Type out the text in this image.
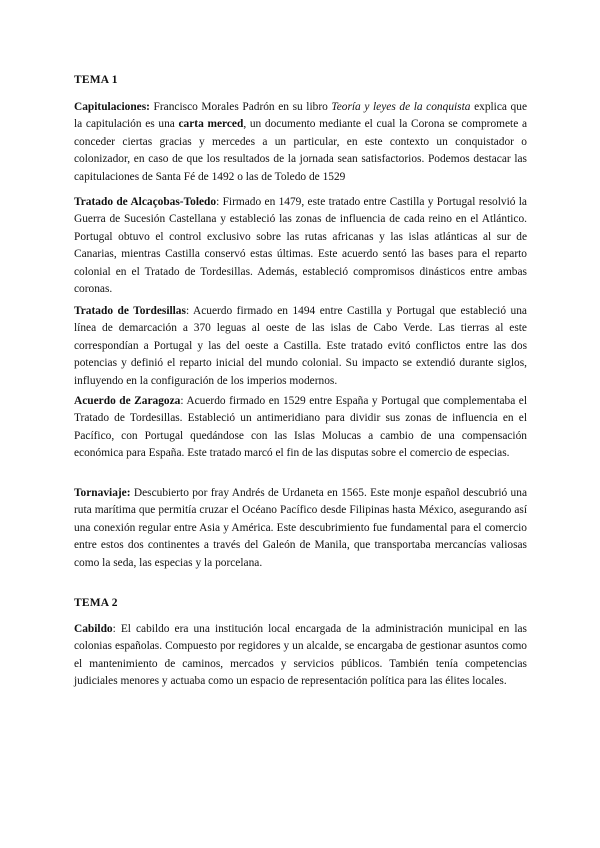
TEMA 1

Capitulaciones: Francisco Morales Padrón en su libro Teoría y leyes de la conquista explica que la capitulación es una carta merced, un documento mediante el cual la Corona se compromete a conceder ciertas gracias y mercedes a un particular, en este contexto un conquistador o colonizador, en caso de que los resultados de la jornada sean satisfactorios. Podemos destacar las capitulaciones de Santa Fé de 1492 o las de Toledo de 1529

Tratado de Alcaçobas-Toledo: Firmado en 1479, este tratado entre Castilla y Portugal resolvió la Guerra de Sucesión Castellana y estableció las zonas de influencia de cada reino en el Atlántico. Portugal obtuvo el control exclusivo sobre las rutas africanas y las islas atlánticas al sur de Canarias, mientras Castilla conservó estas últimas. Este acuerdo sentó las bases para el reparto colonial en el Tratado de Tordesillas. Además, estableció compromisos dinásticos entre ambas coronas.

Tratado de Tordesillas: Acuerdo firmado en 1494 entre Castilla y Portugal que estableció una línea de demarcación a 370 leguas al oeste de las islas de Cabo Verde. Las tierras al este correspondían a Portugal y las del oeste a Castilla. Este tratado evitó conflictos entre las dos potencias y definió el reparto inicial del mundo colonial. Su impacto se extendió durante siglos, influyendo en la configuración de los imperios modernos.

Acuerdo de Zaragoza: Acuerdo firmado en 1529 entre España y Portugal que complementaba el Tratado de Tordesillas. Estableció un antimeridiano para dividir sus zonas de influencia en el Pacífico, con Portugal quedándose con las Islas Molucas a cambio de una compensación económica para España. Este tratado marcó el fin de las disputas sobre el comercio de especias.

Tornaviaje: Descubierto por fray Andrés de Urdaneta en 1565. Este monje español descubrió una ruta marítima que permitía cruzar el Océano Pacífico desde Filipinas hasta México, asegurando así una conexión regular entre Asia y América. Este descubrimiento fue fundamental para el comercio entre estos dos continentes a través del Galeón de Manila, que transportaba mercancías valiosas como la seda, las especias y la porcelana.

TEMA 2

Cabildo: El cabildo era una institución local encargada de la administración municipal en las colonias españolas. Compuesto por regidores y un alcalde, se encargaba de gestionar asuntos como el mantenimiento de caminos, mercados y servicios públicos. También tenía competencias judiciales menores y actuaba como un espacio de representación política para las élites locales.
